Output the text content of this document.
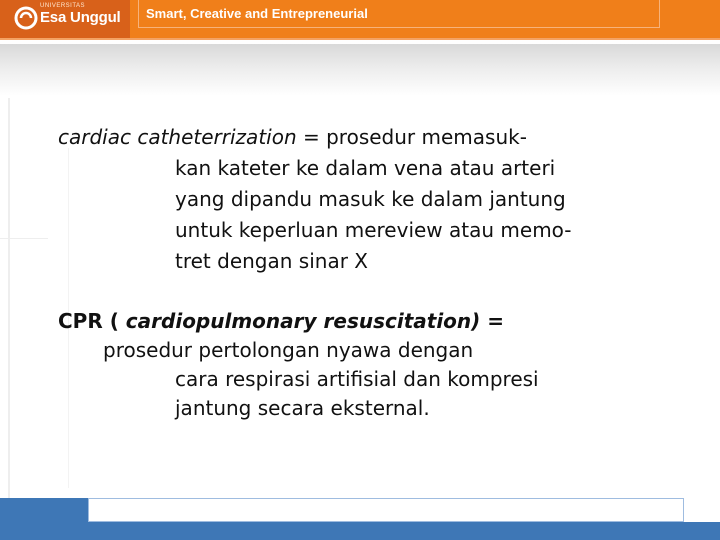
UNIVERSITAS
Esa Unggul Smart, Creative and Entrepreneurial
cardiac catheterrization = prosedur memasuk-
kan kateter ke dalam vena atau arteri
yang dipandu masuk ke dalam jantung
untuk keperluan mereview atau memo-
tret dengan sinar X
CPR ( cardiopulmonary resuscitation) =
prosedur pertolongan nyawa dengan
cara respirasi artifisial dan kompresi
jantung secara eksternal.
